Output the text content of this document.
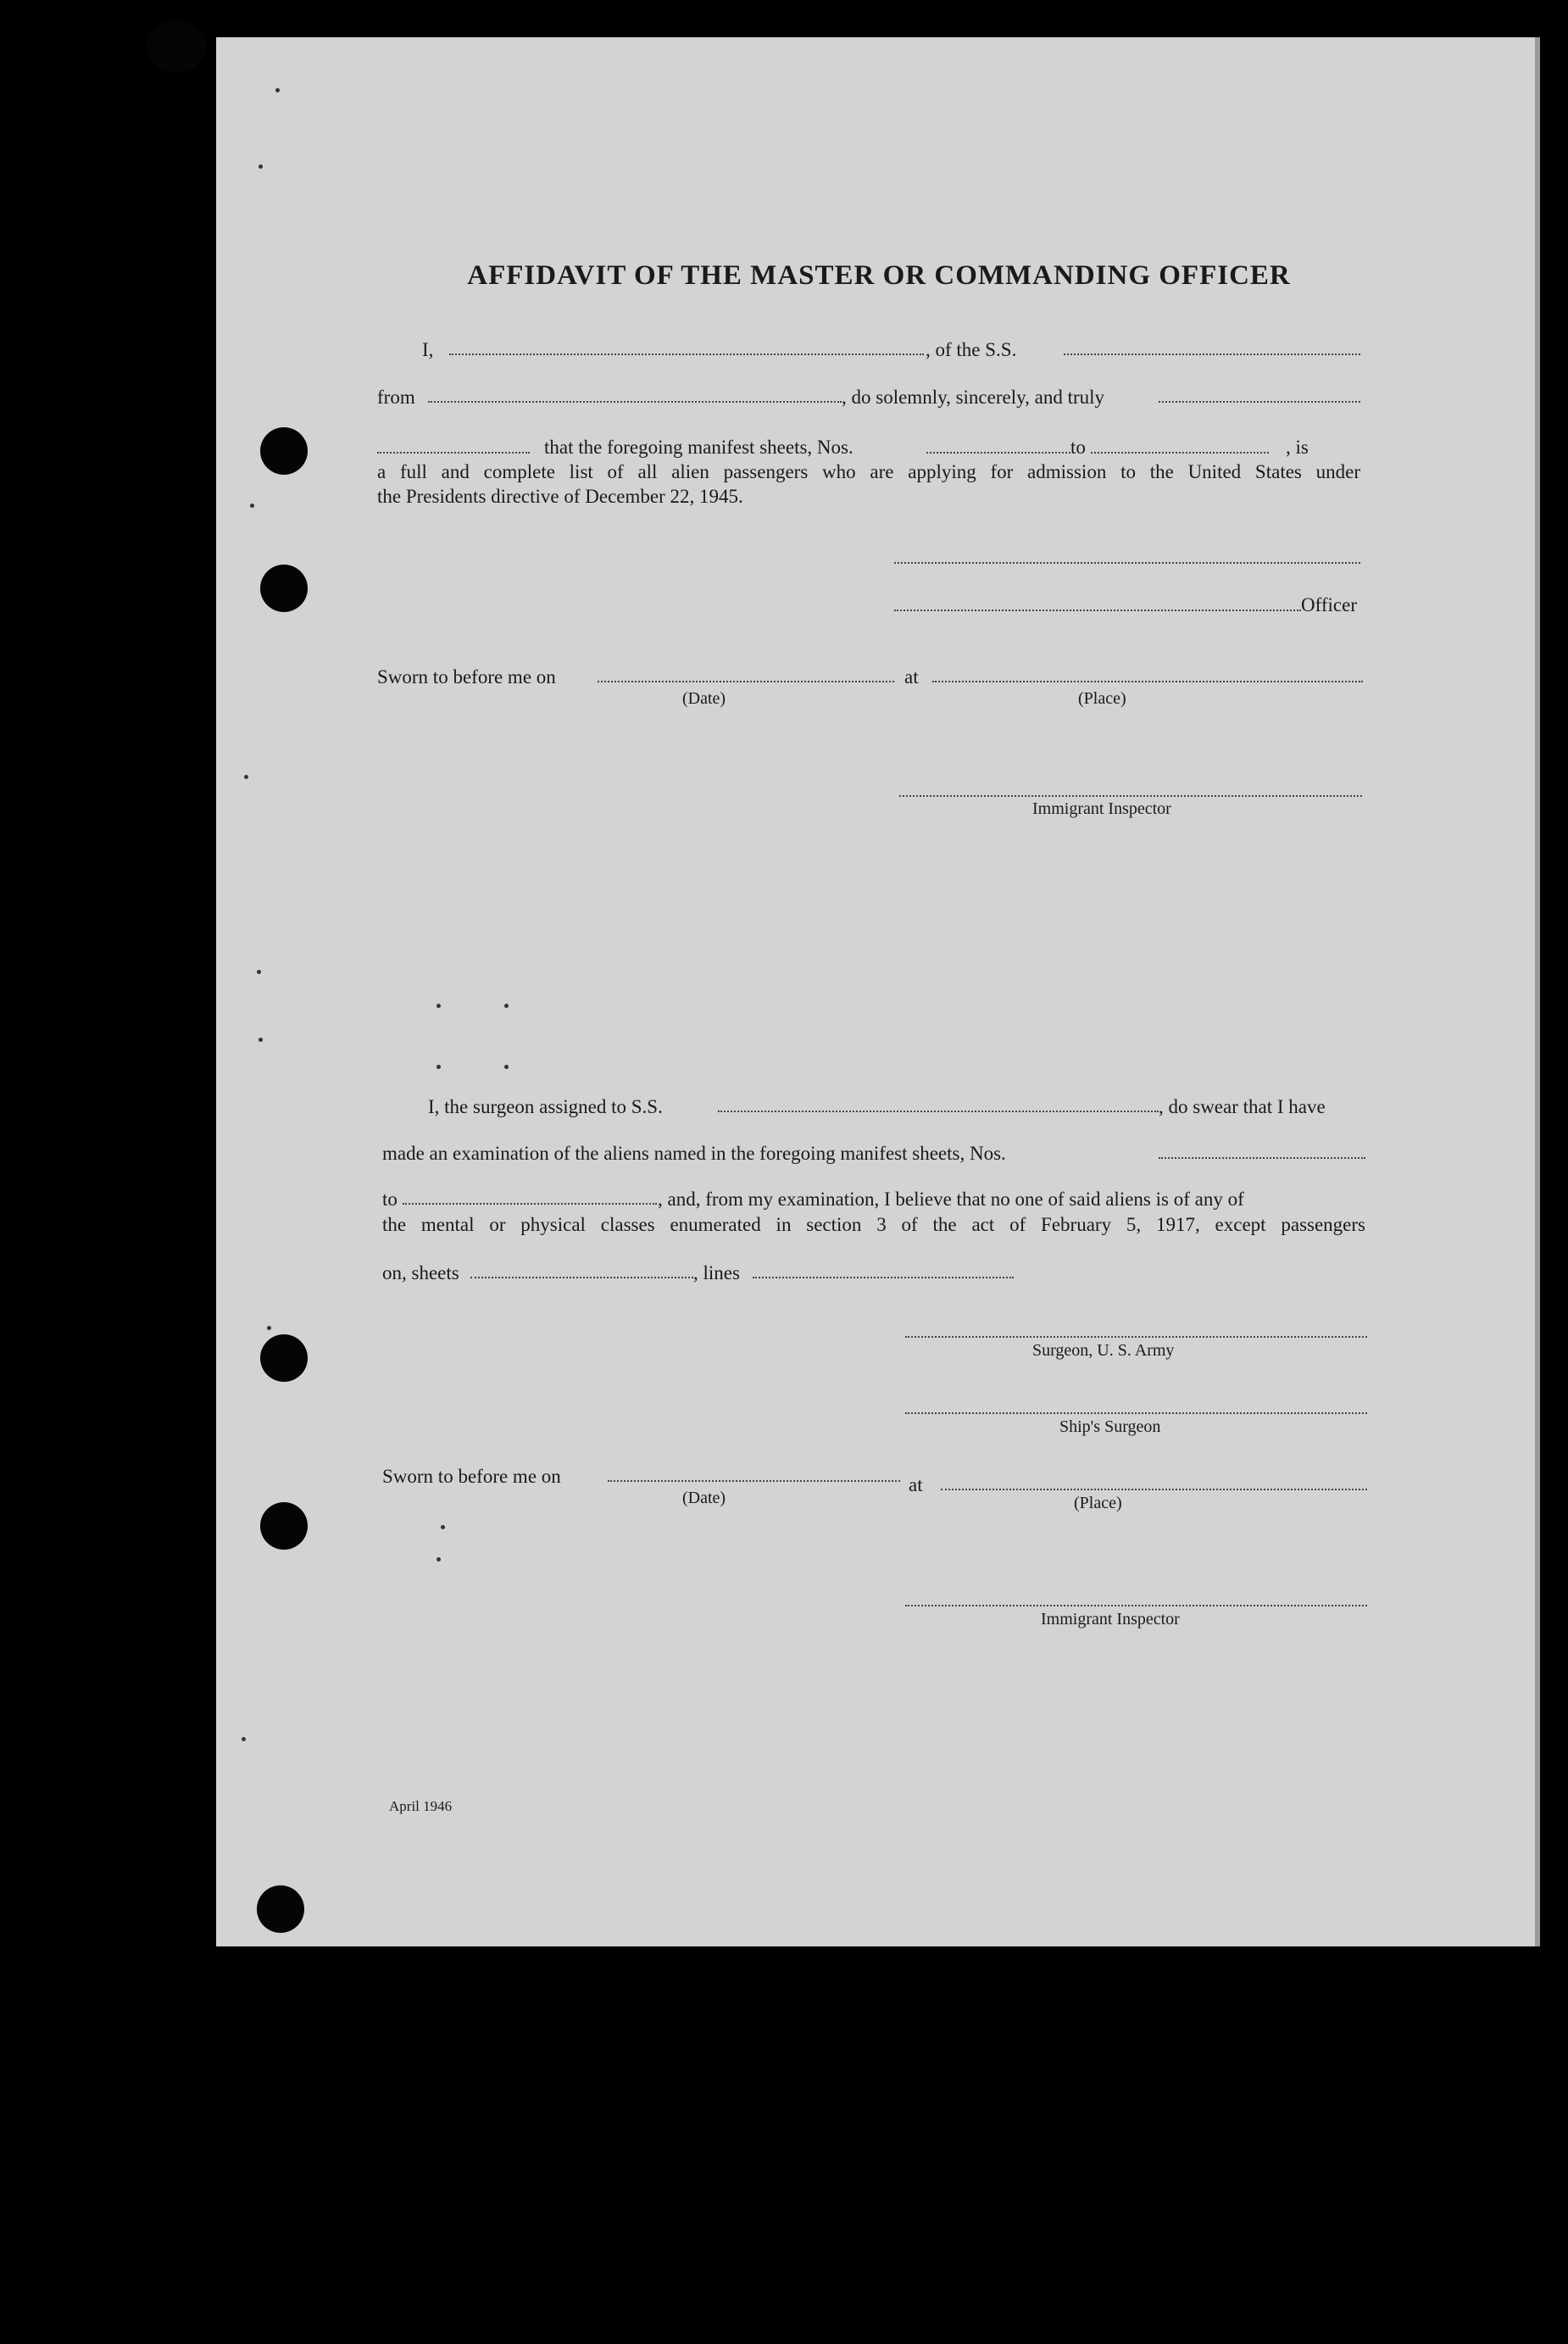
AFFIDAVIT OF THE MASTER OR COMMANDING OFFICER
I,	, of the S.S.
from	, do solemnly, sincerely, and truly
that the foregoing manifest sheets, Nos.	to	, is
a full and complete list of all alien passengers who are applying for admission to the United States under
the Presidents directive of December 22, 1945.
Officer
Sworn to before me on	at
(Date)	(Place)
Immigrant Inspector
I, the surgeon assigned to S.S.	, do swear that I have
made an examination of the aliens named in the foregoing manifest sheets, Nos.
to	, and, from my examination, I believe that no one of said aliens is of any of
the mental or physical classes enumerated in section 3 of the act of February 5, 1917, except passengers
on, sheets	, lines
Surgeon, U. S. Army
Ship's Surgeon
Sworn to before me on	at
(Date)	(Place)
Immigrant Inspector
April 1946
